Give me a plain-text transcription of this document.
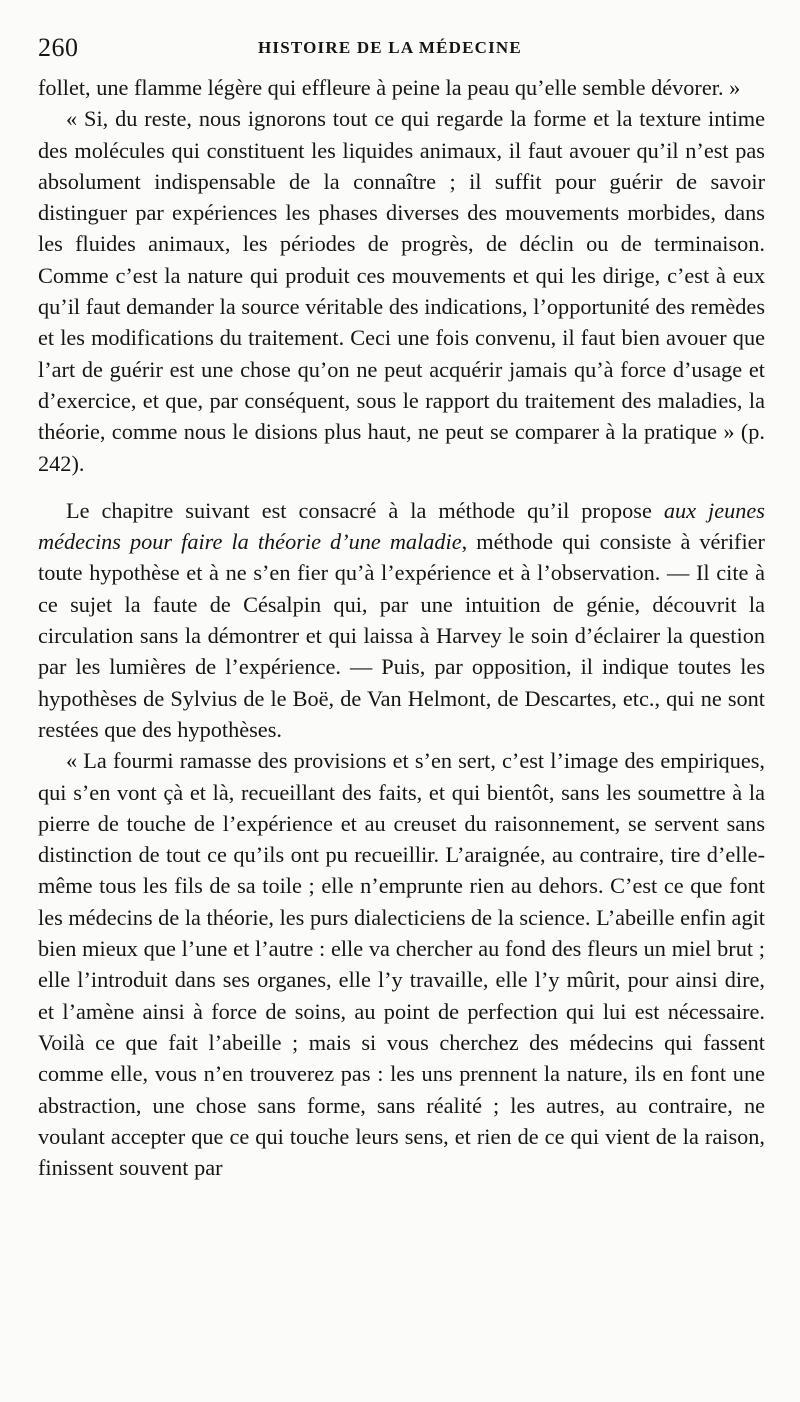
260	HISTOIRE DE LA MÉDECINE

follet, une flamme légère qui effleure à peine la peau qu’elle semble dévorer. »

« Si, du reste, nous ignorons tout ce qui regarde la forme et la texture intime des molécules qui constituent les liquides animaux, il faut avouer qu’il n’est pas absolument indispensable de la connaître ; il suffit pour guérir de savoir distinguer par expériences les phases diverses des mouvements morbides, dans les fluides animaux, les périodes de progrès, de déclin ou de terminaison. Comme c’est la nature qui produit ces mouvements et qui les dirige, c’est à eux qu’il faut demander la source véritable des indications, l’opportunité des remèdes et les modifications du traitement. Ceci une fois convenu, il faut bien avouer que l’art de guérir est une chose qu’on ne peut acquérir jamais qu’à force d’usage et d’exercice, et que, par conséquent, sous le rapport du traitement des maladies, la théorie, comme nous le disions plus haut, ne peut se comparer à la pratique » (p. 242).

Le chapitre suivant est consacré à la méthode qu’il propose aux jeunes médecins pour faire la théorie d’une maladie, méthode qui consiste à vérifier toute hypothèse et à ne s’en fier qu’à l’expérience et à l’observation. — Il cite à ce sujet la faute de Césalpin qui, par une intuition de génie, découvrit la circulation sans la démontrer et qui laissa à Harvey le soin d’éclairer la question par les lumières de l’expérience. — Puis, par opposition, il indique toutes les hypothèses de Sylvius de le Boë, de Van Helmont, de Descartes, etc., qui ne sont restées que des hypothèses.

« La fourmi ramasse des provisions et s’en sert, c’est l’image des empiriques, qui s’en vont çà et là, recueillant des faits, et qui bientôt, sans les soumettre à la pierre de touche de l’expérience et au creuset du raisonnement, se servent sans distinction de tout ce qu’ils ont pu recueillir. L’araignée, au contraire, tire d’elle-même tous les fils de sa toile ; elle n’emprunte rien au dehors. C’est ce que font les médecins de la théorie, les purs dialecticiens de la science. L’abeille enfin agit bien mieux que l’une et l’autre : elle va chercher au fond des fleurs un miel brut ; elle l’introduit dans ses organes, elle l’y travaille, elle l’y mûrit, pour ainsi dire, et l’amène ainsi à force de soins, au point de perfection qui lui est nécessaire. Voilà ce que fait l’abeille ; mais si vous cherchez des médecins qui fassent comme elle, vous n’en trouverez pas : les uns prennent la nature, ils en font une abstraction, une chose sans forme, sans réalité ; les autres, au contraire, ne voulant accepter que ce qui touche leurs sens, et rien de ce qui vient de la raison, finissent souvent par
